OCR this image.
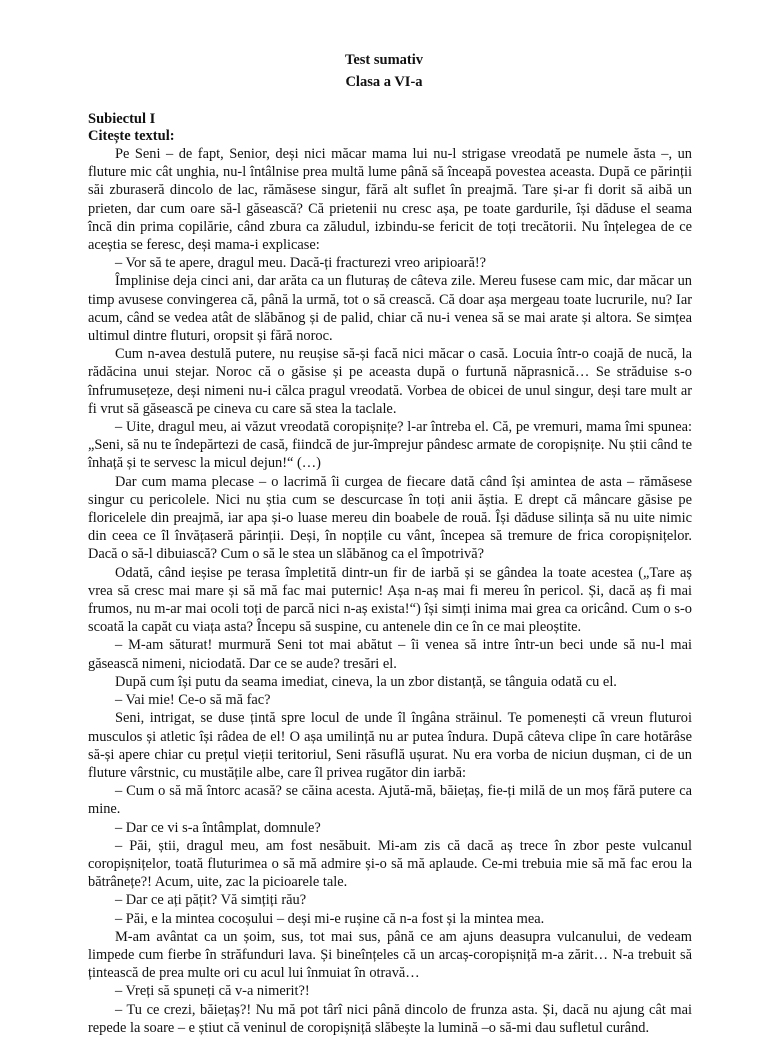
Test sumativ
Clasa a VI-a
Subiectul I
Citește textul:

Pe Seni – de fapt, Senior, deși nici măcar mama lui nu-l strigase vreodată pe numele ăsta –, un fluture mic cât unghia, nu-l întâlnise prea multă lume până să înceapă povestea aceasta. După ce părinții săi zburaseră dincolo de lac, rămăsese singur, fără alt suflet în preajmă. Tare și-ar fi dorit să aibă un prieten, dar cum oare să-l găsească? Că prietenii nu cresc așa, pe toate gardurile, își dăduse el seama încă din prima copilărie, când zbura ca zăludul, izbindu-se fericit de toți trecătorii. Nu înțelegea de ce aceștia se feresc, deși mama-i explicase:

– Vor să te apere, dragul meu. Dacă-ți fracturezi vreo aripioară!?

Împlinise deja cinci ani, dar arăta ca un fluturaș de câteva zile. Mereu fusese cam mic, dar măcar un timp avusese convingerea că, până la urmă, tot o să crească. Că doar așa mergeau toate lucrurile, nu? Iar acum, când se vedea atât de slăbănog și de palid, chiar că nu-i venea să se mai arate și altora. Se simțea ultimul dintre fluturi, oropsit și fără noroc.

Cum n-avea destulă putere, nu reușise să-și facă nici măcar o casă. Locuia într-o coajă de nucă, la rădăcina unui stejar. Noroc că o găsise și pe aceasta după o furtună năprasnică… Se străduise s-o înfrumusețeze, deși nimeni nu-i călca pragul vreodată. Vorbea de obicei de unul singur, deși tare mult ar fi vrut să găsească pe cineva cu care să stea la taclale.

– Uite, dragul meu, ai văzut vreodată coropișnițe? l-ar întreba el. Că, pe vremuri, mama îmi spunea: „Seni, să nu te îndepărtezi de casă, fiindcă de jur-împrejur pândesc armate de coropișnițe. Nu știi când te înhață și te servesc la micul dejun!“ (…)

Dar cum mama plecase – o lacrimă îi curgea de fiecare dată când își amintea de asta – rămăsese singur cu pericolele. Nici nu știa cum se descurcase în toți anii ăștia. E drept că mâncare găsise pe floricelele din preajmă, iar apa și-o luase mereu din boabele de rouă. Își dăduse silința să nu uite nimic din ceea ce îl învățaseră părinții. Deși, în nopțile cu vânt, începea să tremure de frica coropișnițelor. Dacă o să-l dibuiască? Cum o să le stea un slăbănog ca el împotrivă?

Odată, când ieșise pe terasa împletită dintr-un fir de iarbă și se gândea la toate acestea („Tare aș vrea să cresc mai mare și să mă fac mai puternic! Așa n-aș mai fi mereu în pericol. Și, dacă aș fi mai frumos, nu m-ar mai ocoli toți de parcă nici n-aș exista!“) își simți inima mai grea ca oricând. Cum o s-o scoată la capăt cu viața asta? Începu să suspine, cu antenele din ce în ce mai pleoștite.

– M-am săturat! murmură Seni tot mai abătut – îi venea să intre într-un beci unde să nu-l mai găsească nimeni, niciodată. Dar ce se aude? tresări el.

După cum își putu da seama imediat, cineva, la un zbor distanță, se tânguia odată cu el.

– Vai mie! Ce-o să mă fac?

Seni, intrigat, se duse țintă spre locul de unde îl îngâna străinul. Te pomenești că vreun fluturoi musculos și atletic își râdea de el! O așa umilință nu ar putea îndura. După câteva clipe în care hotărâse să-și apere chiar cu prețul vieții teritoriul, Seni răsuflă ușurat. Nu era vorba de niciun dușman, ci de un fluture vârstnic, cu mustățile albe, care îl privea rugător din iarbă:

– Cum o să mă întorc acasă? se căina acesta. Ajută-mă, băiețaș, fie-ți milă de un moș fără putere ca mine.

– Dar ce vi s-a întâmplat, domnule?

– Păi, știi, dragul meu, am fost nesăbuit. Mi-am zis că dacă aș trece în zbor peste vulcanul coropișnițelor, toată fluturimea o să mă admire și-o să mă aplaude. Ce-mi trebuia mie să mă fac erou la bătrânețe?! Acum, uite, zac la picioarele tale.

– Dar ce ați pățit? Vă simțiți rău?

– Păi, e la mintea cocoșului – deși mi-e rușine că n-a fost și la mintea mea.

M-am avântat ca un șoim, sus, tot mai sus, până ce am ajuns deasupra vulcanului, de vedeam limpede cum fierbe în străfunduri lava. Și bineînțeles că un arcaș-coropișniță m-a zărit… N-a trebuit să țintească de prea multe ori cu acul lui înmuiat în otravă…

– Vreți să spuneți că v-a nimerit?!

– Tu ce crezi, băiețaș?! Nu mă pot târî nici până dincolo de frunza asta. Și, dacă nu ajung cât mai repede la soare – e știut că veninul de coropișniță slăbește la lumină –o să-mi dau sufletul curând.
